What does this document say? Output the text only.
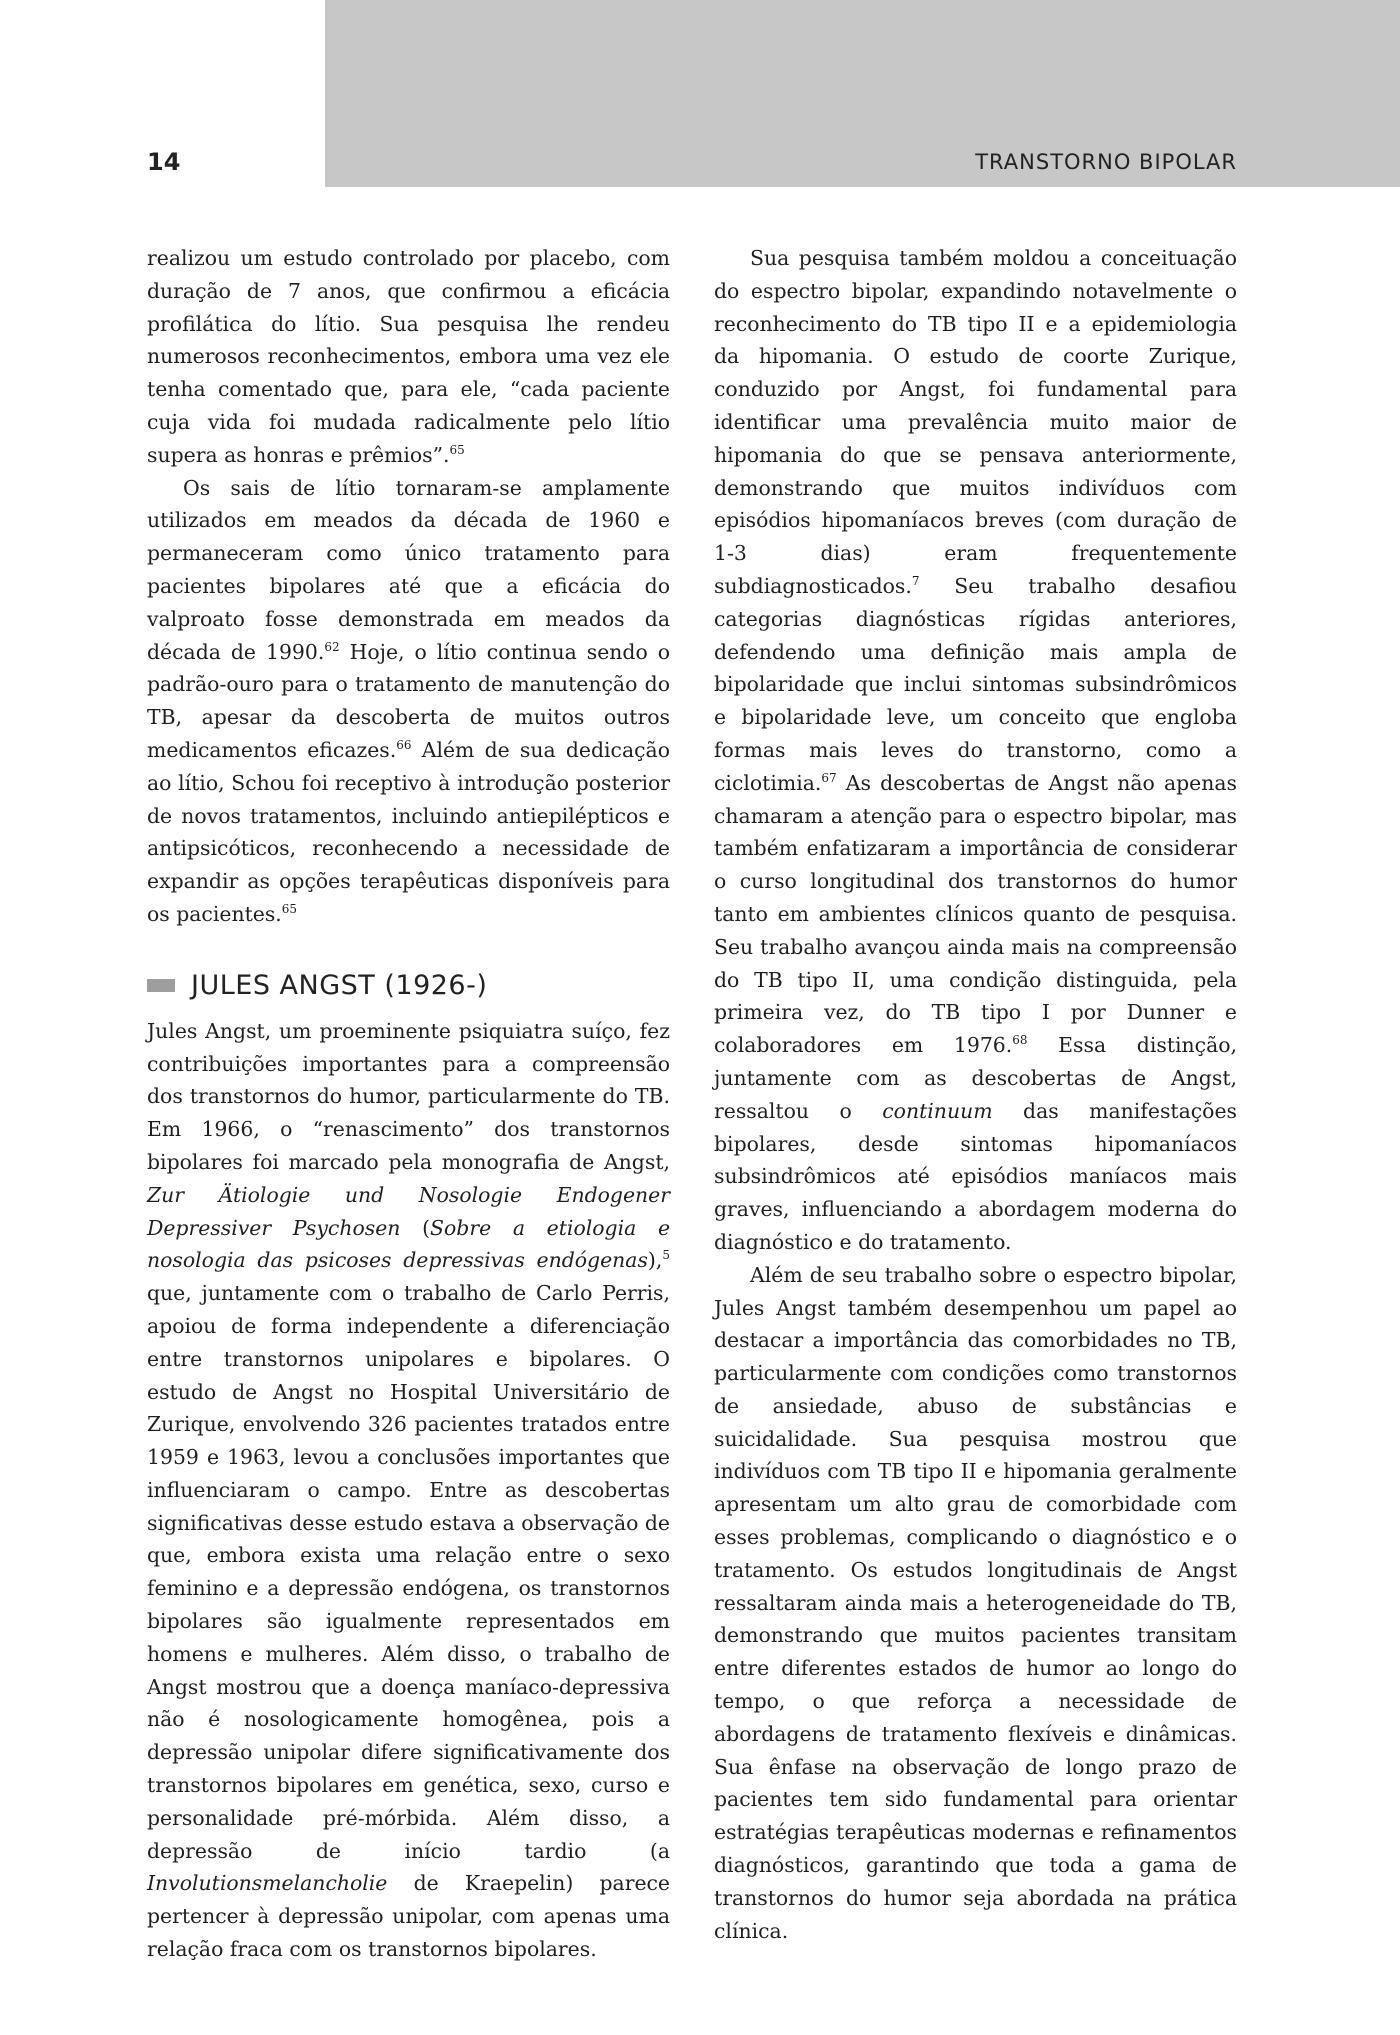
14	TRANSTORNO BIPOLAR

realizou um estudo controlado por placebo, com duração de 7 anos, que confirmou a eficácia profilática do lítio. Sua pesquisa lhe rendeu numerosos reconhecimentos, embora uma vez ele tenha comentado que, para ele, “cada paciente cuja vida foi mudada radicalmente pelo lítio supera as honras e prêmios”.$^{65}$

Os sais de lítio tornaram-se amplamente utilizados em meados da década de 1960 e permaneceram como único tratamento para pacientes bipolares até que a eficácia do valproato fosse demonstrada em meados da década de 1990.62 Hoje, o lítio continua sendo o padrão-ouro para o tratamento de manutenção do TB, apesar da descoberta de muitos outros medicamentos eficazes.$^{66}$ Além de sua dedicação ao lítio, Schou foi receptivo à introdução posterior de novos tratamentos, incluindo antiepilépticos e antipsicóticos, reconhecendo a necessidade de expandir as opções terapêuticas disponíveis para os pacientes.$^{65}$

JULES ANGST (1926-)

Jules Angst, um proeminente psiquiatra suíço, fez contribuições importantes para a compreensão dos transtornos do humor, particularmente do TB. Em 1966, o “renascimento” dos transtornos bipolares foi marcado pela monografia de Angst, Zur Ätiologie und Nosologie Endogener Depressiver Psychosen (Sobre a etiologia e nosologia das psicoses depressivas endógenas),$^5$ que, juntamente com o trabalho de Carlo Perris, apoiou de forma independente a diferenciação entre transtornos unipolares e bipolares. O estudo de Angst no Hospital Universitário de Zurique, envolvendo 326 pacientes tratados entre 1959 e 1963, levou a conclusões importantes que influenciaram o campo. Entre as descobertas significativas desse estudo estava a observação de que, embora exista uma relação entre o sexo feminino e a depressão endógena, os transtornos bipolares são igualmente representados em homens e mulheres. Além disso, o trabalho de Angst mostrou que a doença maníaco-depressiva não é nosologicamente homogênea, pois a depressão unipolar difere significativamente dos transtornos bipolares em genética, sexo, curso e personalidade pré-mórbida. Além disso, a depressão de início tardio (a Involutionsmelancholie de Kraepelin) parece pertencer à depressão unipolar, com apenas uma relação fraca com os transtornos bipolares.

Sua pesquisa também moldou a conceituação do espectro bipolar, expandindo notavelmente o reconhecimento do TB tipo II e a epidemiologia da hipomania. O estudo de coorte Zurique, conduzido por Angst, foi fundamental para identificar uma prevalência muito maior de hipomania do que se pensava anteriormente, demonstrando que muitos indivíduos com episódios hipomaníacos breves (com duração de 1-3 dias) eram frequentemente subdiagnosticados.$^7$ Seu trabalho desafiou categorias diagnósticas rígidas anteriores, defendendo uma definição mais ampla de bipolaridade que inclui sintomas subsindrômicos e bipolaridade leve, um conceito que engloba formas mais leves do transtorno, como a ciclotimia.$^{67}$ As descobertas de Angst não apenas chamaram a atenção para o espectro bipolar, mas também enfatizaram a importância de considerar o curso longitudinal dos transtornos do humor tanto em ambientes clínicos quanto de pesquisa. Seu trabalho avançou ainda mais na compreensão do TB tipo II, uma condição distinguida, pela primeira vez, do TB tipo I por Dunner e colaboradores em 1976.68 Essa distinção, juntamente com as descobertas de Angst, ressaltou o continuum das manifestações bipolares, desde sintomas hipomaníacos subsindrômicos até episódios maníacos mais graves, influenciando a abordagem moderna do diagnóstico e do tratamento.

Além de seu trabalho sobre o espectro bipolar, Jules Angst também desempenhou um papel ao destacar a importância das comorbidades no TB, particularmente com condições como transtornos de ansiedade, abuso de substâncias e suicidalidade. Sua pesquisa mostrou que indivíduos com TB tipo II e hipomania geralmente apresentam um alto grau de comorbidade com esses problemas, complicando o diagnóstico e o tratamento. Os estudos longitudinais de Angst ressaltaram ainda mais a heterogeneidade do TB, demonstrando que muitos pacientes transitam entre diferentes estados de humor ao longo do tempo, o que reforça a necessidade de abordagens de tratamento flexíveis e dinâmicas. Sua ênfase na observação de longo prazo de pacientes tem sido fundamental para orientar estratégias terapêuticas modernas e refinamentos diagnósticos, garantindo que toda a gama de transtornos do humor seja abordada na prática clínica.
